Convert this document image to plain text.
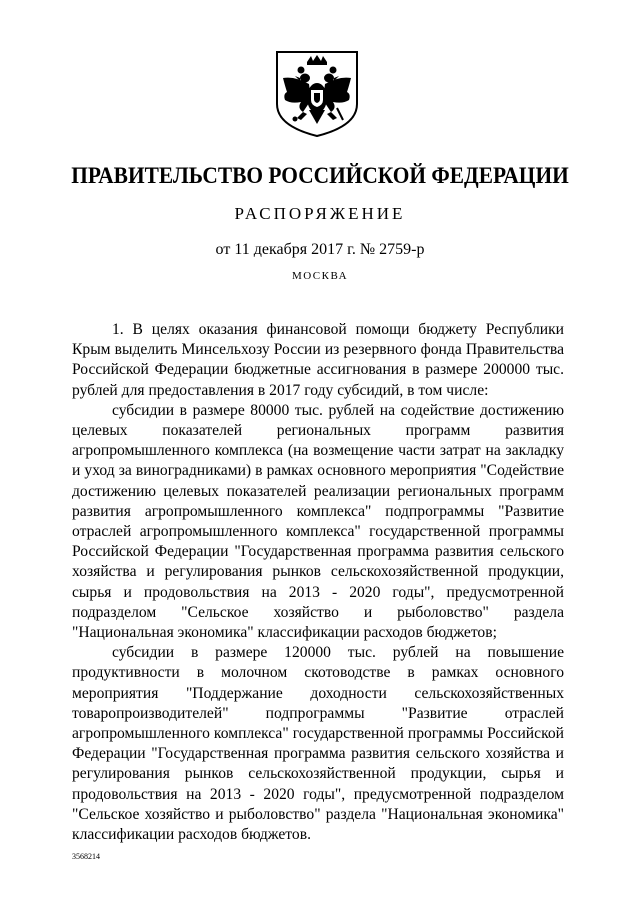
ПРАВИТЕЛЬСТВО РОССИЙСКОЙ ФЕДЕРАЦИИ
РАСПОРЯЖЕНИЕ
от 11 декабря 2017 г. № 2759-р
МОСКВА

1. В целях оказания финансовой помощи бюджету Республики Крым выделить Минсельхозу России из резервного фонда Правительства Российской Федерации бюджетные ассигнования в размере 200000 тыс. рублей для предоставления в 2017 году субсидий, в том числе:

субсидии в размере 80000 тыс. рублей на содействие достижению целевых показателей региональных программ развития агропромышленного комплекса (на возмещение части затрат на закладку и уход за виноградниками) в рамках основного мероприятия "Содействие достижению целевых показателей реализации региональных программ развития агропромышленного комплекса" подпрограммы "Развитие отраслей агропромышленного комплекса" государственной программы Российской Федерации "Государственная программа развития сельского хозяйства и регулирования рынков сельскохозяйственной продукции, сырья и продовольствия на 2013 - 2020 годы", предусмотренной подразделом "Сельское хозяйство и рыболовство" раздела "Национальная экономика" классификации расходов бюджетов;

субсидии в размере 120000 тыс. рублей на повышение продуктивности в молочном скотоводстве в рамках основного мероприятия "Поддержание доходности сельскохозяйственных товаропроизводителей" подпрограммы "Развитие отраслей агропромышленного комплекса" государственной программы Российской Федерации "Государственная программа развития сельского хозяйства и регулирования рынков сельскохозяйственной продукции, сырья и продовольствия на 2013 - 2020 годы", предусмотренной подразделом "Сельское хозяйство и рыболовство" раздела "Национальная экономика" классификации расходов бюджетов.

3568214
